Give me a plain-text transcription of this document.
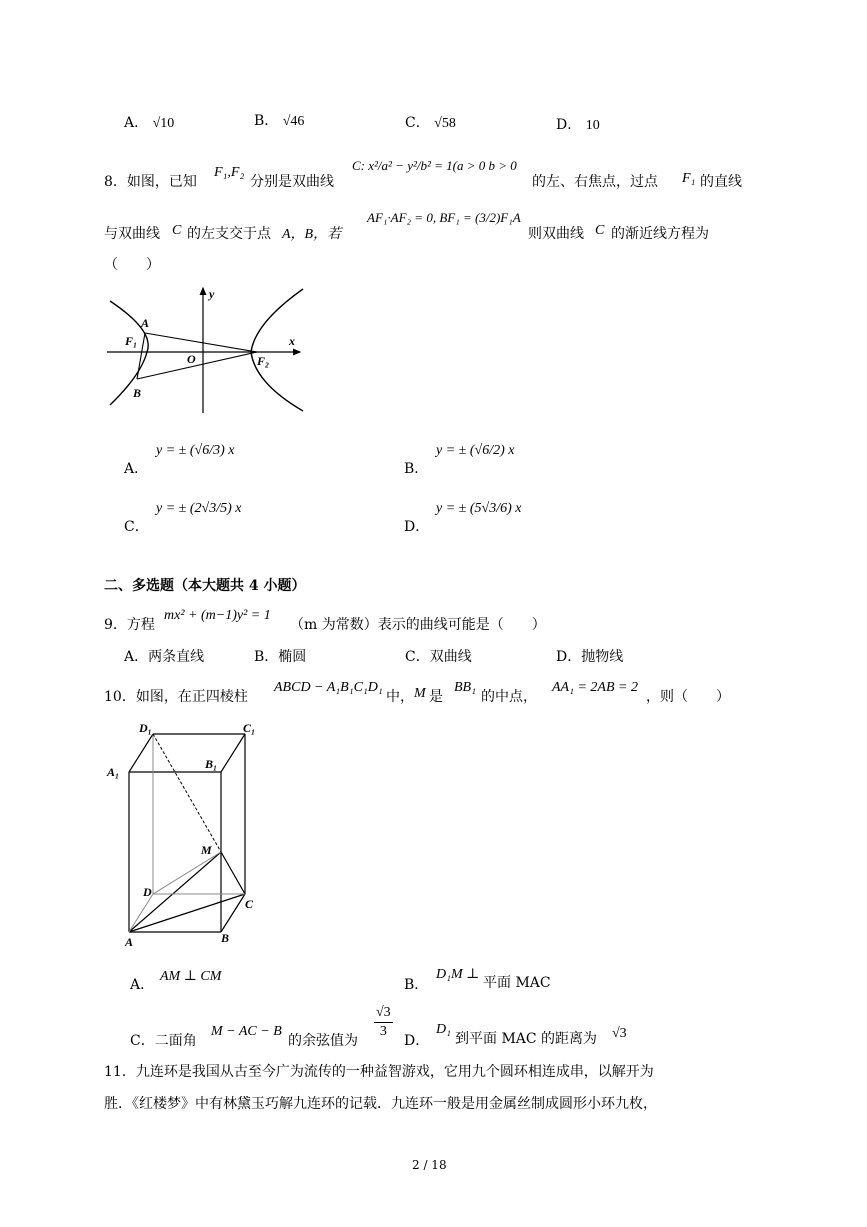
A． √10	B． √46	C． √58	D． 10
8．如图，已知
F₁,F₂
分别是双曲线
C: x²/a² − y²/b² = 1(a > 0 b > 0
的左、右焦点，过点 F₁ 的直线
与双曲线 C 的左支交于点 A，B，若
AF₁·AF₂ = 0, BF₁ = (3/2)F₁A
则双曲线 C 的渐近线方程为
（　　）
A
F₁
O	F₂
B
y
x
A．
y = ± (√6/3) x
B．
y = ± (√6/2) x
C．
y = ± (2√3/5) x
D．
y = ± (5√3/6) x
二、多选题（本大题共 4 小题）
9．方程
mx² + (m−1)y² = 1
（m 为常数）表示的曲线可能是（　　）
A．两条直线	B．椭圆	C．双曲线	D．抛物线
10．如图，在正四棱柱
ABCD − A₁B₁C₁D₁
中， M 是
BB₁
的中点，
AA₁ = 2AB = 2
，则（　　）
D₁	C₁
A₁
B₁
M
D
C
A	B
A．
AM ⊥ CM
B．
D₁M ⊥
平面 MAC
C．二面角
M − AC − B
的余弦值为 $\frac{√3}{3}$ D．
D₁
到平面 MAC 的距离为 √3
11．九连环是我国从古至今广为流传的一种益智游戏，它用九个圆环相连成串，以解开为
胜．《红楼梦》中有林黛玉巧解九连环的记载．九连环一般是用金属丝制成圆形小环九枚，
2 / 18
